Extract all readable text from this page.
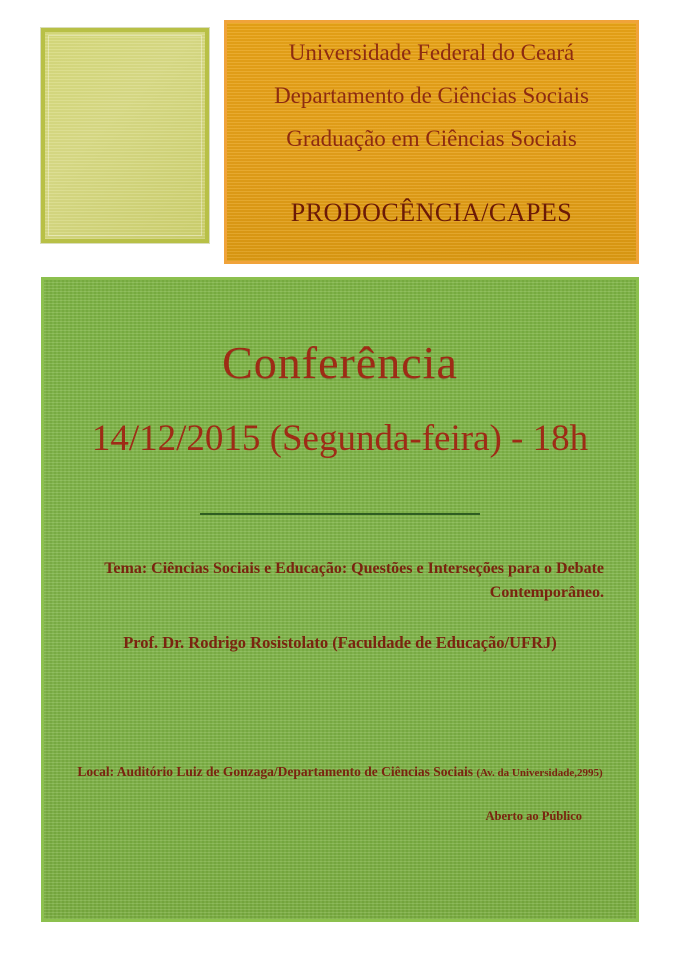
Universidade Federal do Ceará
Departamento de Ciências Sociais
Graduação em Ciências Sociais
PRODOCÊNCIA/CAPES
Conferência
14/12/2015 (Segunda-feira) - 18h
Tema: Ciências Sociais e Educação: Questões e Interseções para o Debate Contemporâneo.
Prof. Dr. Rodrigo Rosistolato (Faculdade de Educação/UFRJ)
Local: Auditório Luiz de Gonzaga/Departamento de Ciências Sociais (Av. da Universidade,2995)
Aberto ao Público
